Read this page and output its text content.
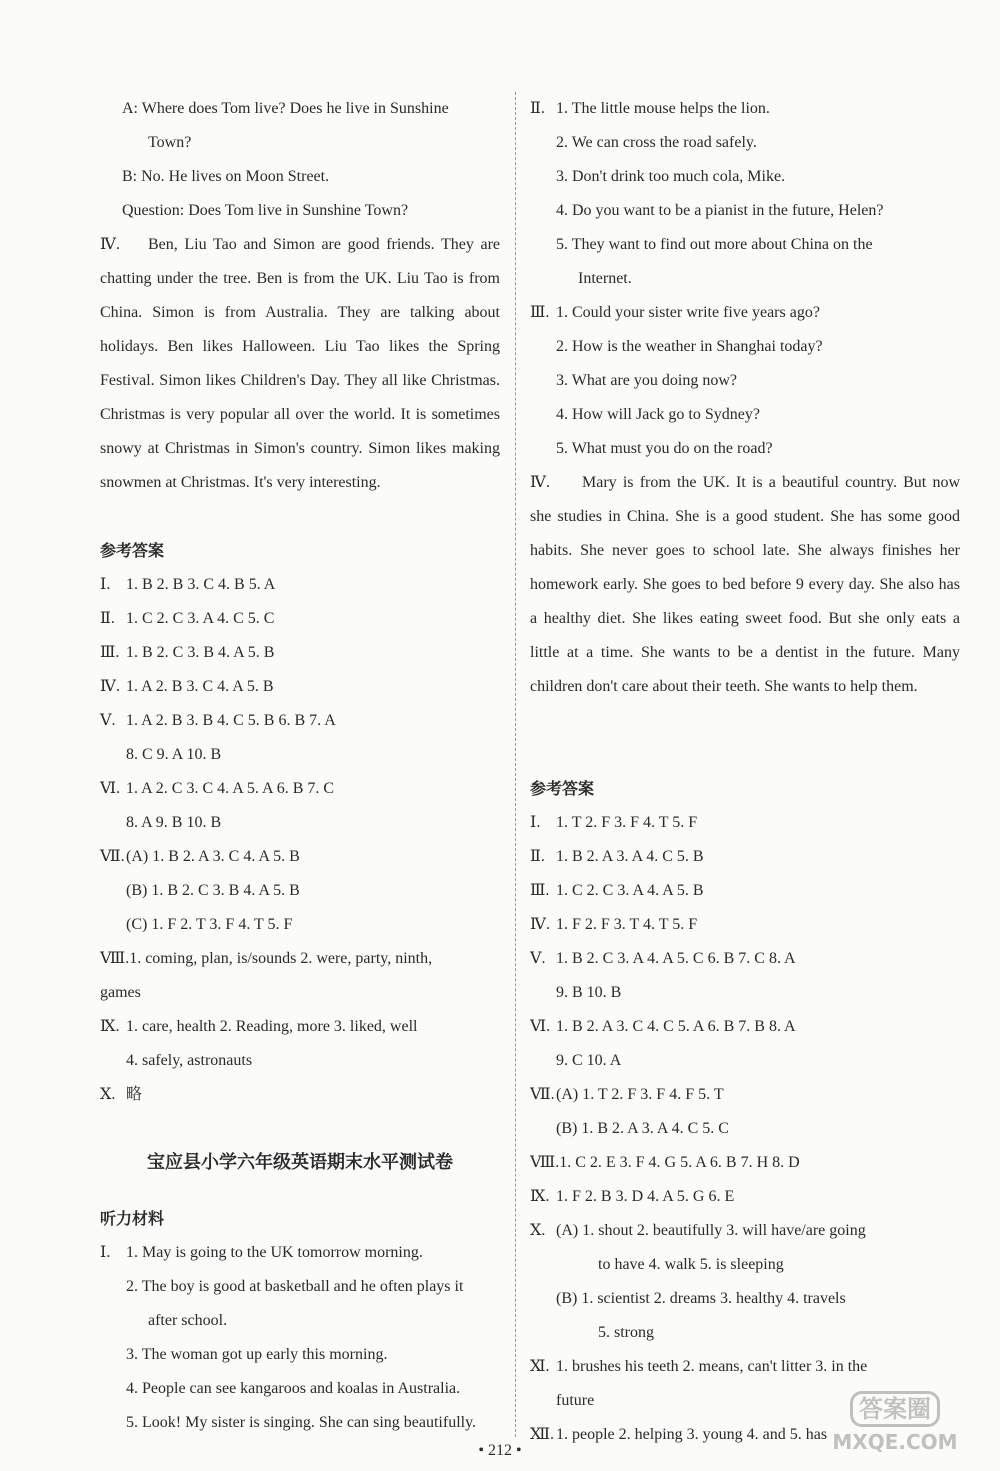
A: Where does Tom live? Does he live in Sunshine
Town?
B: No. He lives on Moon Street.
Question: Does Tom live in Sunshine Town?
Ⅳ. Ben, Liu Tao and Simon are good friends. They are chatting under the tree. Ben is from the UK. Liu Tao is from China. Simon is from Australia. They are talking about holidays. Ben likes Halloween. Liu Tao likes the Spring Festival. Simon likes Children's Day. They all like Christmas. Christmas is very popular all over the world. It is sometimes snowy at Christmas in Simon's country. Simon likes making snowmen at Christmas. It's very interesting.
参考答案
Ⅰ. 1. B 2. B 3. C 4. B 5. A
Ⅱ. 1. C 2. C 3. A 4. C 5. C
Ⅲ. 1. B 2. C 3. B 4. A 5. B
Ⅳ. 1. A 2. B 3. C 4. A 5. B
Ⅴ. 1. A 2. B 3. B 4. C 5. B 6. B 7. A
8. C 9. A 10. B
Ⅵ. 1. A 2. C 3. C 4. A 5. A 6. B 7. C
8. A 9. B 10. B
Ⅶ.(A) 1. B 2. A 3. C 4. A 5. B
(B) 1. B 2. C 3. B 4. A 5. B
(C) 1. F 2. T 3. F 4. T 5. F
Ⅷ.1. coming, plan, is/sounds 2. were, party, ninth,
games
Ⅸ. 1. care, health 2. Reading, more 3. liked, well
4. safely, astronauts
Ⅹ. 略
宝应县小学六年级英语期末水平测试卷
听力材料
Ⅰ. 1. May is going to the UK tomorrow morning.
2. The boy is good at basketball and he often plays it
after school.
3. The woman got up early this morning.
4. People can see kangaroos and koalas in Australia.
5. Look! My sister is singing. She can sing beautifully.
Ⅱ. 1. The little mouse helps the lion.
2. We can cross the road safely.
3. Don't drink too much cola, Mike.
4. Do you want to be a pianist in the future, Helen?
5. They want to find out more about China on the
Internet.
Ⅲ. 1. Could your sister write five years ago?
2. How is the weather in Shanghai today?
3. What are you doing now?
4. How will Jack go to Sydney?
5. What must you do on the road?
Ⅳ. Mary is from the UK. It is a beautiful country. But now she studies in China. She is a good student. She has some good habits. She never goes to school late. She always finishes her homework early. She goes to bed before 9 every day. She also has a healthy diet. She likes eating sweet food. But she only eats a little at a time. She wants to be a dentist in the future. Many children don't care about their teeth. She wants to help them.
参考答案
Ⅰ. 1. T 2. F 3. F 4. T 5. F
Ⅱ. 1. B 2. A 3. A 4. C 5. B
Ⅲ. 1. C 2. C 3. A 4. A 5. B
Ⅳ. 1. F 2. F 3. T 4. T 5. F
Ⅴ. 1. B 2. C 3. A 4. A 5. C 6. B 7. C 8. A
9. B 10. B
Ⅵ. 1. B 2. A 3. C 4. C 5. A 6. B 7. B 8. A
9. C 10. A
Ⅶ.(A) 1. T 2. F 3. F 4. F 5. T
(B) 1. B 2. A 3. A 4. C 5. C
Ⅷ.1. C 2. E 3. F 4. G 5. A 6. B 7. H 8. D
Ⅸ. 1. F 2. B 3. D 4. A 5. G 6. E
Ⅹ. (A) 1. shout 2. beautifully 3. will have/are going
to have 4. walk 5. is sleeping
(B) 1. scientist 2. dreams 3. healthy 4. travels
5. strong
Ⅺ. 1. brushes his teeth 2. means, can't litter 3. in the
future
Ⅻ. 1. people 2. helping 3. young 4. and 5. has
• 212 •
答案圈
MXQE.COM
